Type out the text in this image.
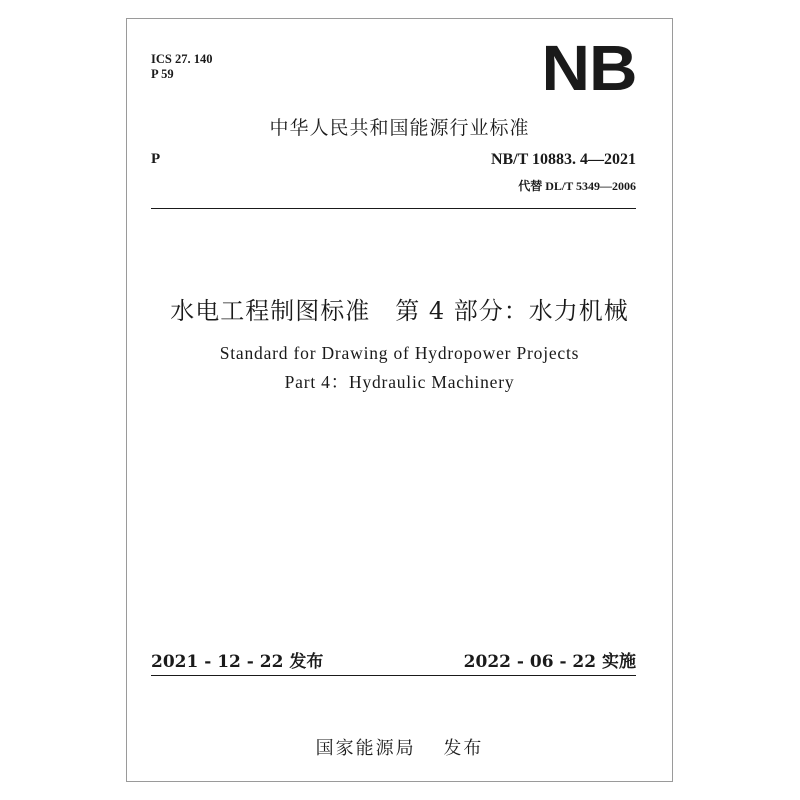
ICS 27. 140
P 59	NB
中华人民共和国能源行业标准
P	NB/T 10883. 4—2021
代替 DL/T 5349—2006
水电工程制图标准　第 4 部分：水力机械
Standard for Drawing of Hydropower Projects
Part 4：Hydraulic Machinery
2021 - 12 - 22 发布	2022 - 06 - 22 实施
国家能源局　 发布
